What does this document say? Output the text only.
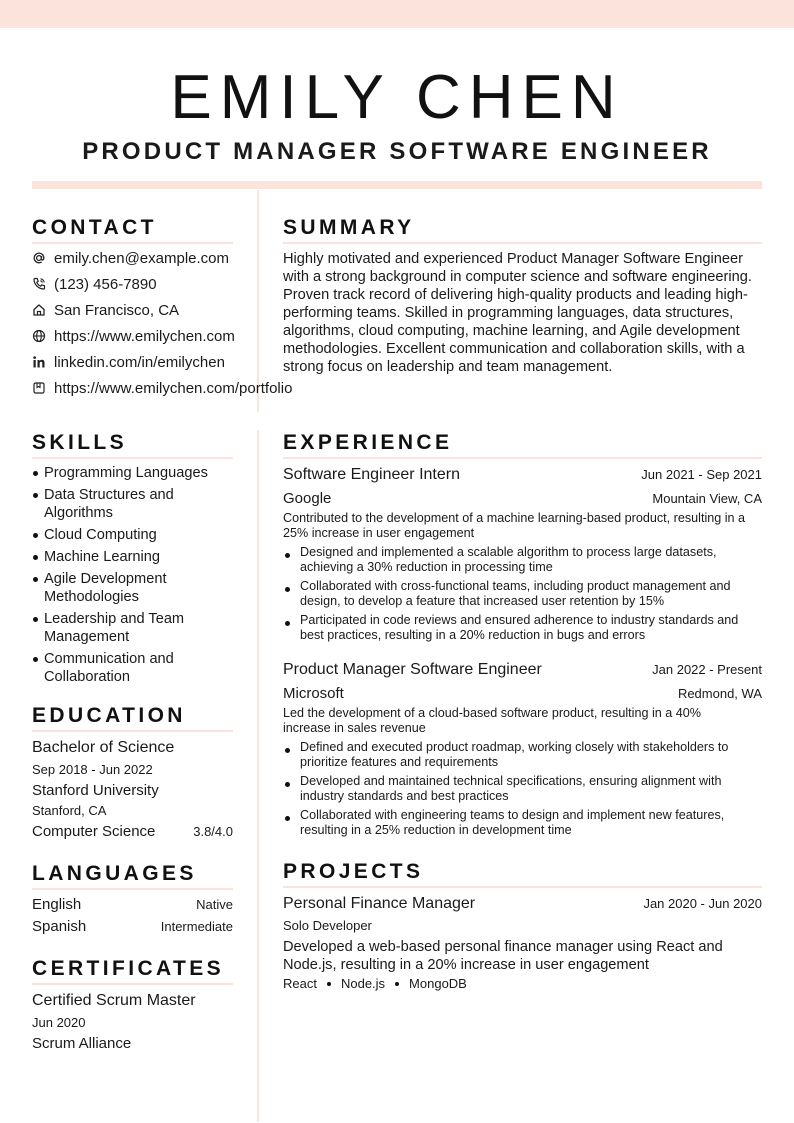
EMILY CHEN
PRODUCT MANAGER SOFTWARE ENGINEER
CONTACT
emily.chen@example.com
(123) 456-7890
San Francisco, CA
https://www.emilychen.com
linkedin.com/in/emilychen
https://www.emilychen.com/portfolio
SUMMARY
Highly motivated and experienced Product Manager Software Engineer with a strong background in computer science and software engineering. Proven track record of delivering high-quality products and leading high-performing teams. Skilled in programming languages, data structures, algorithms, cloud computing, machine learning, and Agile development methodologies. Excellent communication and collaboration skills, with a strong focus on leadership and team management.
SKILLS
Programming Languages
Data Structures and Algorithms
Cloud Computing
Machine Learning
Agile Development Methodologies
Leadership and Team Management
Communication and Collaboration
EDUCATION
Bachelor of Science
Sep 2018 - Jun 2022
Stanford University
Stanford, CA
Computer Science	3.8/4.0
LANGUAGES
English	Native
Spanish	Intermediate
CERTIFICATES
Certified Scrum Master
Jun 2020
Scrum Alliance
EXPERIENCE
Software Engineer Intern	Jun 2021 - Sep 2021
Google	Mountain View, CA
Contributed to the development of a machine learning-based product, resulting in a 25% increase in user engagement
Designed and implemented a scalable algorithm to process large datasets, achieving a 30% reduction in processing time
Collaborated with cross-functional teams, including product management and design, to develop a feature that increased user retention by 15%
Participated in code reviews and ensured adherence to industry standards and best practices, resulting in a 20% reduction in bugs and errors
Product Manager Software Engineer	Jan 2022 - Present
Microsoft	Redmond, WA
Led the development of a cloud-based software product, resulting in a 40% increase in sales revenue
Defined and executed product roadmap, working closely with stakeholders to prioritize features and requirements
Developed and maintained technical specifications, ensuring alignment with industry standards and best practices
Collaborated with engineering teams to design and implement new features, resulting in a 25% reduction in development time
PROJECTS
Personal Finance Manager	Jan 2020 - Jun 2020
Solo Developer
Developed a web-based personal finance manager using React and Node.js, resulting in a 20% increase in user engagement
React Node.js MongoDB
